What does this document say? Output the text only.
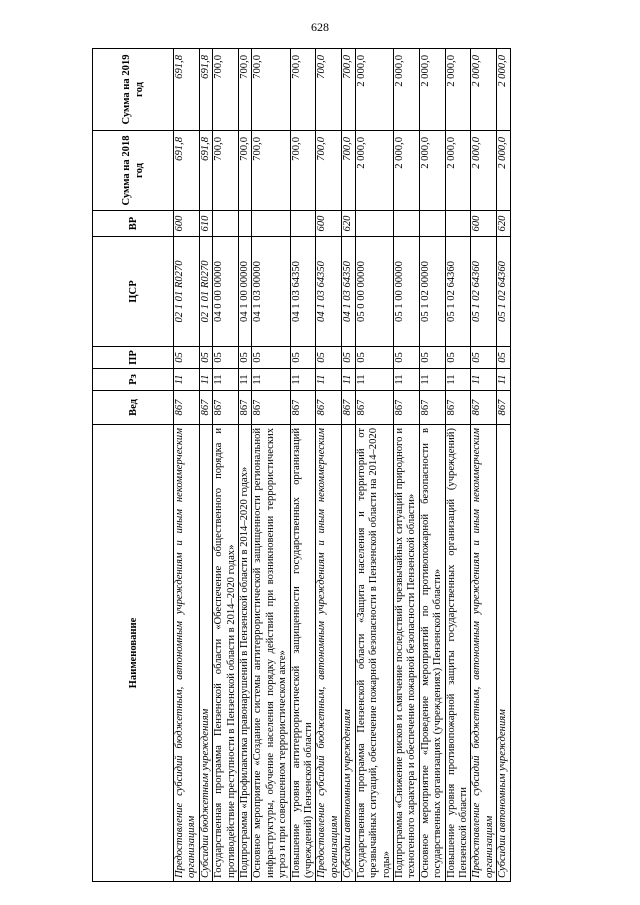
628
Наименование	Вед	Рз	ПР	ЦСР	ВР	Сумма на 2018 год	Сумма на 2019 год
Предоставление субсидий бюджетным, автономным учреждениям и иным некоммерческим организациям	867	11	05	02 1 01 R0270	600	691,8	691,8
Субсидии бюджетным учреждениям	867	11	05	02 1 01 R0270	610	691,8	691,8
Государственная программа Пензенской области «Обеспечение общественного порядка и противодействие преступности в Пензенской области в 2014–2020 годах»	867	11	05	04 0 00 00000		700,0	700,0
Подпрограмма «Профилактика правонарушений в Пензенской области в 2014–2020 годах»	867	11	05	04 1 00 00000		700,0	700,0
Основное мероприятие «Создание системы антитеррористической защищенности региональной инфраструктуры, обучение населения порядку действий при возникновении террористических угроз и при совершенном террористическом акте»	867	11	05	04 1 03 00000		700,0	700,0
Повышение уровня антитеррористической защищенности государственных организаций (учреждений) Пензенской области	867	11	05	04 1 03 64350		700,0	700,0
Предоставление субсидий бюджетным, автономным учреждениям и иным некоммерческим организациям	867	11	05	04 1 03 64350	600	700,0	700,0
Субсидии автономным учреждениям	867	11	05	04 1 03 64350	620	700,0	700,0
Государственная программа Пензенской области «Защита населения и территорий от чрезвычайных ситуаций, обеспечение пожарной безопасности в Пензенской области на 2014–2020 годы»	867	11	05	05 0 00 00000		2 000,0	2 000,0
Подпрограмма «Снижение рисков и смягчение последствий чрезвычайных ситуаций природного и техногенного характера и обеспечение пожарной безопасности Пензенской области»	867	11	05	05 1 00 00000		2 000,0	2 000,0
Основное мероприятие «Проведение мероприятий по противопожарной безопасности в государственных организациях (учреждениях) Пензенской области»	867	11	05	05 1 02 00000		2 000,0	2 000,0
Повышение уровня противопожарной защиты государственных организаций (учреждений) Пензенской области	867	11	05	05 1 02 64360		2 000,0	2 000,0
Предоставление субсидий бюджетным, автономным учреждениям и иным некоммерческим организациям	867	11	05	05 1 02 64360	600	2 000,0	2 000,0
Субсидии автономным учреждениям	867	11	05	05 1 02 64360	620	2 000,0	2 000,0
